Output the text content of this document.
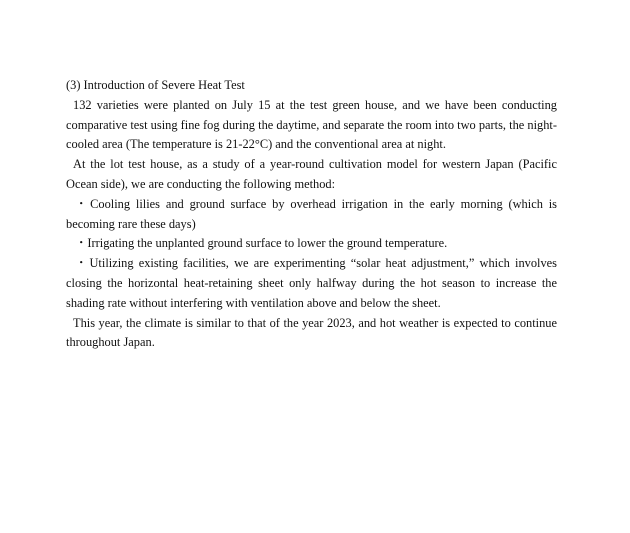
(3) Introduction of Severe Heat Test

132 varieties were planted on July 15 at the test green house, and we have been conducting comparative test using fine fog during the daytime, and separate the room into two parts, the night-cooled area (The temperature is 21-22°C) and the conventional area at night.

At the lot test house, as a study of a year-round cultivation model for western Japan (Pacific Ocean side), we are conducting the following method:

・Cooling lilies and ground surface by overhead irrigation in the early morning (which is becoming rare these days)

・Irrigating the unplanted ground surface to lower the ground temperature.

・Utilizing existing facilities, we are experimenting “solar heat adjustment,” which involves closing the horizontal heat-retaining sheet only halfway during the hot season to increase the shading rate without interfering with ventilation above and below the sheet.

This year, the climate is similar to that of the year 2023, and hot weather is expected to continue throughout Japan.
